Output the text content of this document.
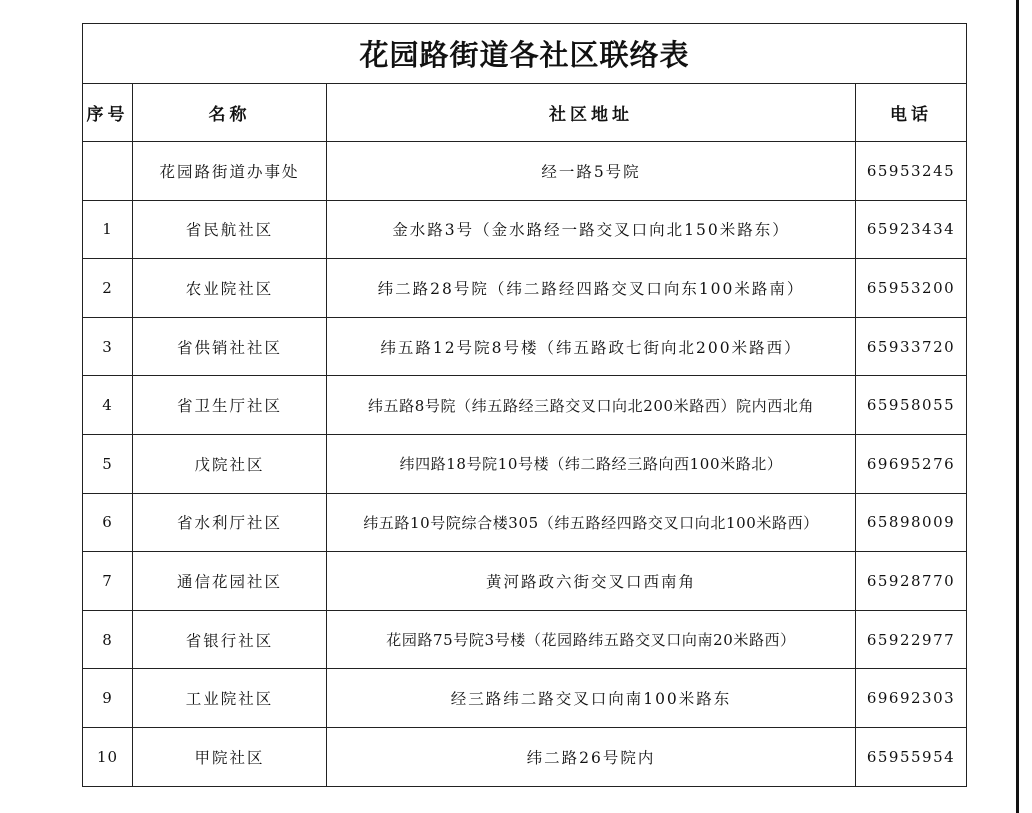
花园路街道各社区联络表			
序号	名称	社区地址	电话
	花园路街道办事处	经一路5号院	65953245
1	省民航社区	金水路3号（金水路经一路交叉口向北150米路东）	65923434
2	农业院社区	纬二路28号院（纬二路经四路交叉口向东100米路南）	65953200
3	省供销社社区	纬五路12号院8号楼（纬五路政七街向北200米路西）	65933720
4	省卫生厅社区	纬五路8号院（纬五路经三路交叉口向北200米路西）院内西北角	65958055
5	戊院社区	纬四路18号院10号楼（纬二路经三路向西100米路北）	69695276
6	省水利厅社区	纬五路10号院综合楼305（纬五路经四路交叉口向北100米路西）	65898009
7	通信花园社区	黄河路政六街交叉口西南角	65928770
8	省银行社区	花园路75号院3号楼（花园路纬五路交叉口向南20米路西）	65922977
9	工业院社区	经三路纬二路交叉口向南100米路东	69692303
10	甲院社区	纬二路26号院内	65955954
